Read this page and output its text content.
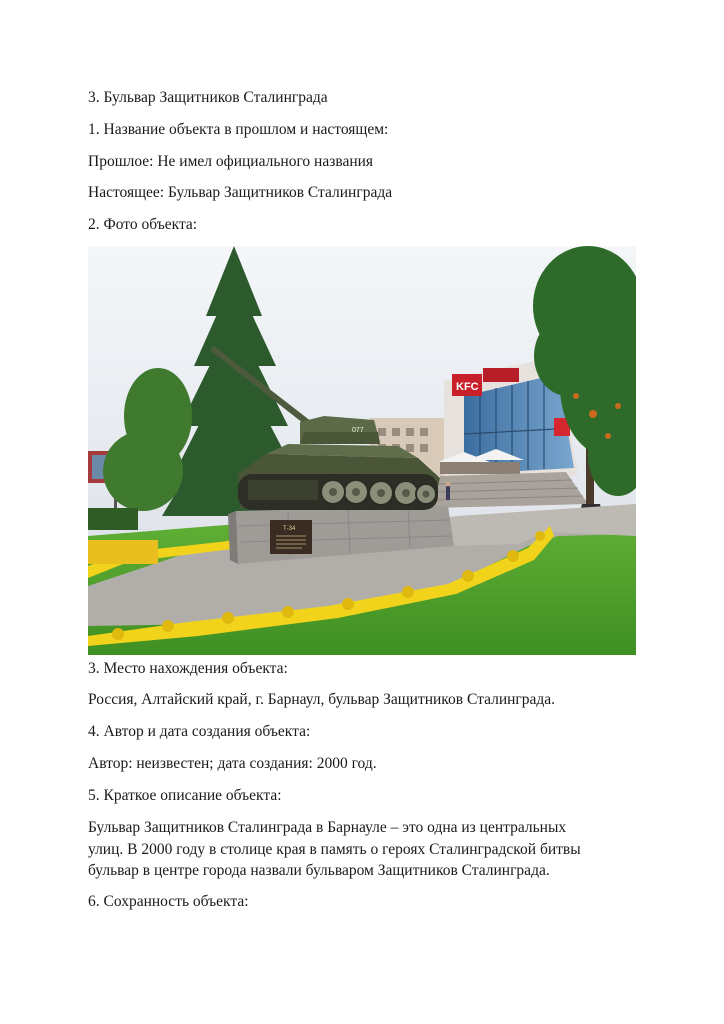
3. Бульвар Защитников Сталинграда
1. Название объекта в прошлом и настоящем:
Прошлое: Не имел официального названия
Настоящее: Бульвар Защитников Сталинграда
2. Фото объекта:
KFC
Т-34
077
3. Место нахождения объекта:
Россия, Алтайский край, г. Барнаул, бульвар Защитников Сталинграда.
4. Автор и дата создания объекта:
Автор: неизвестен; дата создания: 2000 год.
5. Краткое описание объекта:
Бульвар Защитников Сталинграда в Барнауле – это одна из центральных
улиц. В 2000 году в столице края в память о героях Сталинградской битвы
бульвар в центре города назвали бульваром Защитников Сталинграда.
6. Сохранность объекта:
